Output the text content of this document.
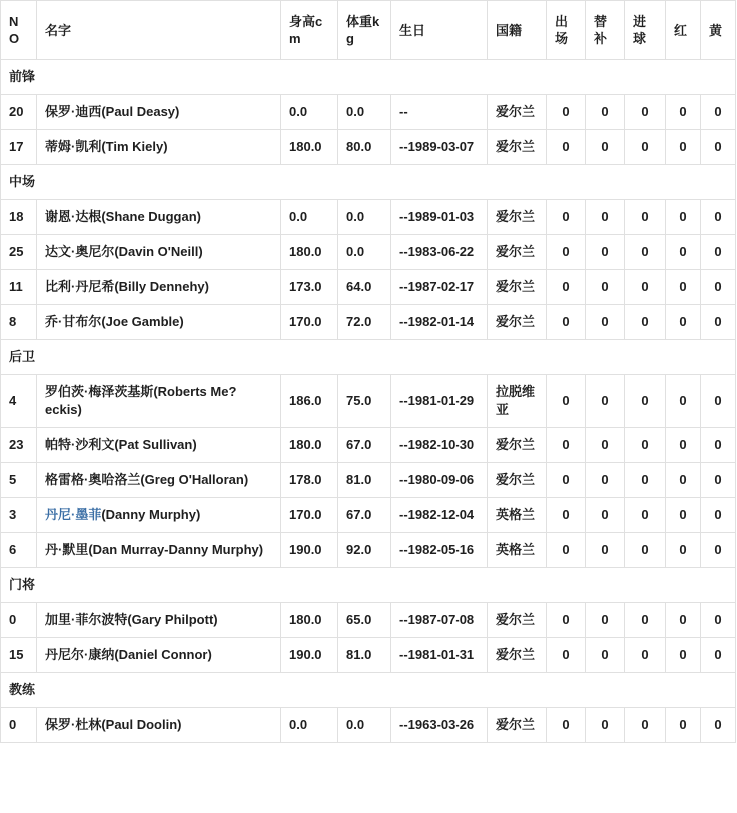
NO	名字	身高cm	体重kg	生日	国籍	出场	替补	进球	红	黄
前锋										
20	保罗·迪西(Paul Deasy)	0.0	0.0	--	爱尔兰	0	0	0	0	0
17	蒂姆·凯利(Tim Kiely)	180.0	80.0	--1989-03-07	爱尔兰	0	0	0	0	0
中场										
18	谢恩·达根(Shane Duggan)	0.0	0.0	--1989-01-03	爱尔兰	0	0	0	0	0
25	达文·奥尼尔(Davin O'Neill)	180.0	0.0	--1983-06-22	爱尔兰	0	0	0	0	0
11	比利·丹尼希(Billy Dennehy)	173.0	64.0	--1987-02-17	爱尔兰	0	0	0	0	0
8	乔·甘布尔(Joe Gamble)	170.0	72.0	--1982-01-14	爱尔兰	0	0	0	0	0
后卫										
4	罗伯茨·梅泽茨基斯(Roberts Me?eckis)	186.0	75.0	--1981-01-29	拉脱维亚	0	0	0	0	0
23	帕特·沙利文(Pat Sullivan)	180.0	67.0	--1982-10-30	爱尔兰	0	0	0	0	0
5	格雷格·奥哈洛兰(Greg O'Halloran)	178.0	81.0	--1980-09-06	爱尔兰	0	0	0	0	0
3	丹尼·墨菲(Danny Murphy)	170.0	67.0	--1982-12-04	英格兰	0	0	0	0	0
6	丹·默里(Dan Murray-Danny Murphy)	190.0	92.0	--1982-05-16	英格兰	0	0	0	0	0
门将										
0	加里·菲尔波特(Gary Philpott)	180.0	65.0	--1987-07-08	爱尔兰	0	0	0	0	0
15	丹尼尔·康纳(Daniel Connor)	190.0	81.0	--1981-01-31	爱尔兰	0	0	0	0	0
教练										
0	保罗·杜林(Paul Doolin)	0.0	0.0	--1963-03-26	爱尔兰	0	0	0	0	0
